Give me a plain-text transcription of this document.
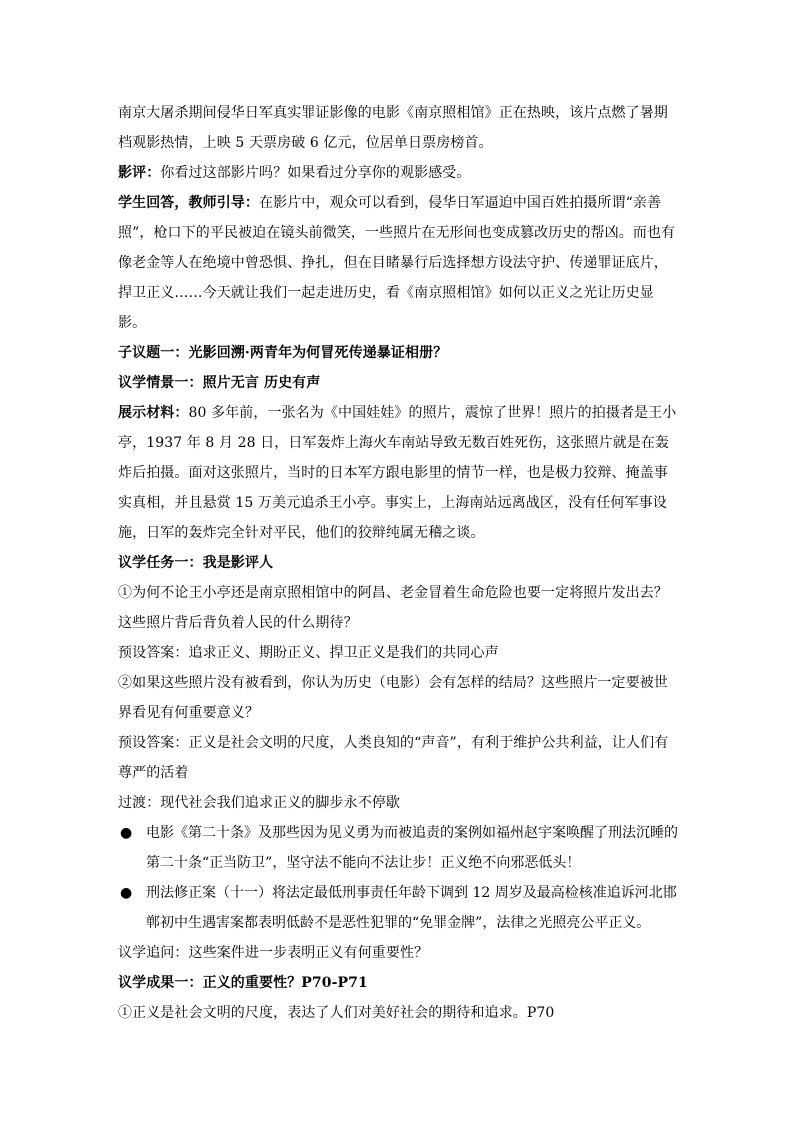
南京大屠杀期间侵华日军真实罪证影像的电影《南京照相馆》正在热映，该片点燃了暑期档观影热情，上映 5 天票房破 6 亿元，位居单日票房榜首。

影评：你看过这部影片吗？如果看过分享你的观影感受。

学生回答，教师引导：在影片中，观众可以看到，侵华日军逼迫中国百姓拍摄所谓“亲善照”，枪口下的平民被迫在镜头前微笑，一些照片在无形间也变成篡改历史的帮凶。而也有像老金等人在绝境中曾恐惧、挣扎，但在目睹暴行后选择想方设法守护、传递罪证底片，捍卫正义……今天就让我们一起走进历史，看《南京照相馆》如何以正义之光让历史显影。

子议题一：光影回溯·两青年为何冒死传递暴证相册？

议学情景一：照片无言 历史有声

展示材料：80 多年前，一张名为《中国娃娃》的照片，震惊了世界！照片的拍摄者是王小亭，1937 年 8 月 28 日，日军轰炸上海火车南站导致无数百姓死伤，这张照片就是在轰炸后拍摄。面对这张照片，当时的日本军方跟电影里的情节一样，也是极力狡辩、掩盖事实真相，并且悬赏 15 万美元追杀王小亭。事实上，上海南站远离战区，没有任何军事设施，日军的轰炸完全针对平民，他们的狡辩纯属无稽之谈。

议学任务一：我是影评人

①为何不论王小亭还是南京照相馆中的阿昌、老金冒着生命危险也要一定将照片发出去？这些照片背后背负着人民的什么期待？

预设答案：追求正义、期盼正义、捍卫正义是我们的共同心声

②如果这些照片没有被看到，你认为历史（电影）会有怎样的结局？这些照片一定要被世界看见有何重要意义？

预设答案：正义是社会文明的尺度，人类良知的“声音”，有利于维护公共利益，让人们有尊严的活着

过渡：现代社会我们追求正义的脚步永不停歇

● 电影《第二十条》及那些因为见义勇为而被追责的案例如福州赵宇案唤醒了刑法沉睡的第二十条“正当防卫”，坚守法不能向不法让步！正义绝不向邪恶低头！

● 刑法修正案（十一）将法定最低刑事责任年龄下调到 12 周岁及最高检核准追诉河北邯郸初中生遇害案都表明低龄不是恶性犯罪的“免罪金牌”，法律之光照亮公平正义。

议学追问：这些案件进一步表明正义有何重要性？

议学成果一：正义的重要性？P70-P71

①正义是社会文明的尺度，表达了人们对美好社会的期待和追求。P70
